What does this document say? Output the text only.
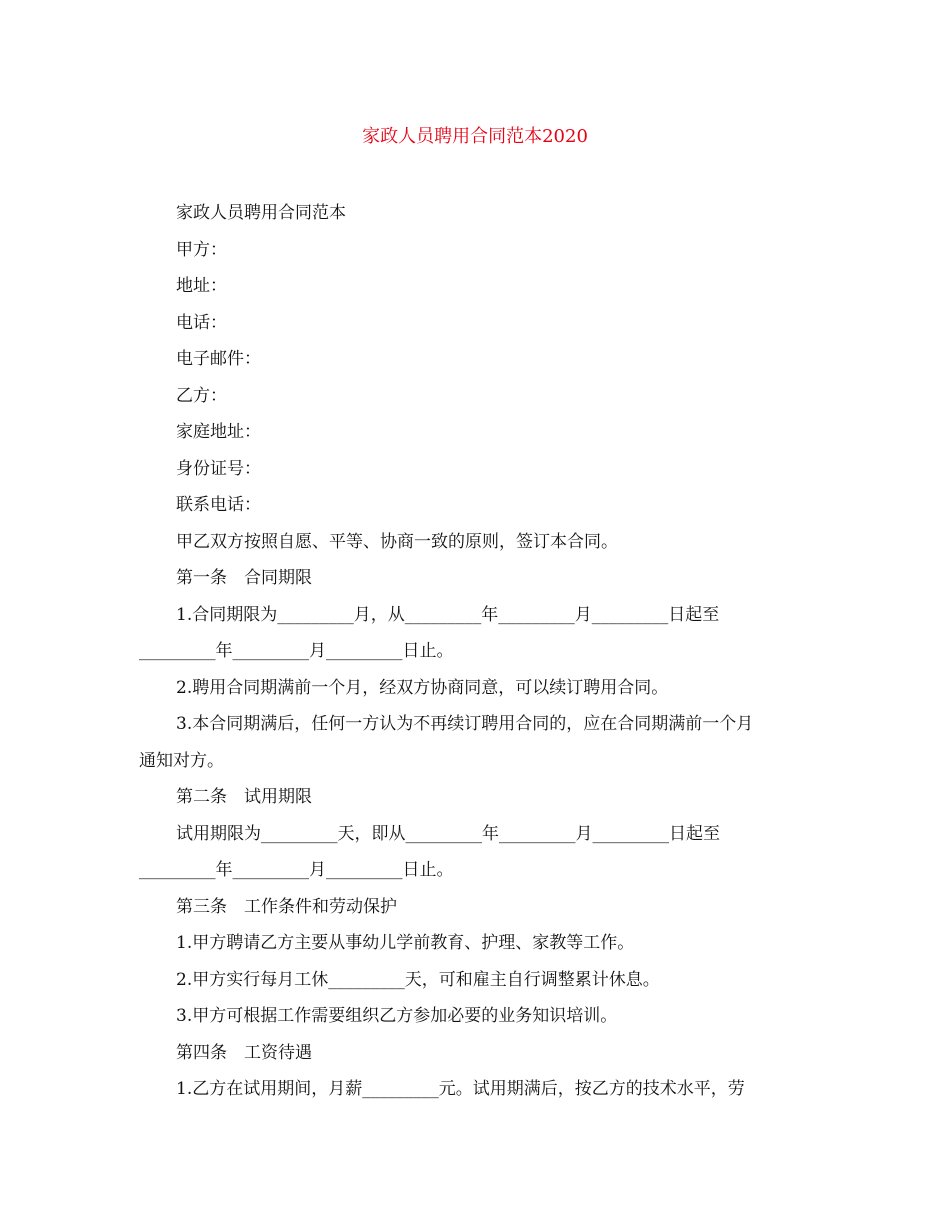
家政人员聘用合同范本2020

家政人员聘用合同范本

甲方：

地址：

电话：

电子邮件：

乙方：

家庭地址：

身份证号：

联系电话：

甲乙双方按照自愿、平等、协商一致的原则，签订本合同。

第一条　合同期限

1.合同期限为_________月，从_________年_________月_________日起至

_________年_________月_________日止。

2.聘用合同期满前一个月，经双方协商同意，可以续订聘用合同。

3.本合同期满后，任何一方认为不再续订聘用合同的，应在合同期满前一个月

通知对方。

第二条　试用期限

试用期限为_________天，即从_________年_________月_________日起至

_________年_________月_________日止。

第三条　工作条件和劳动保护

1.甲方聘请乙方主要从事幼儿学前教育、护理、家教等工作。

2.甲方实行每月工休_________天，可和雇主自行调整累计休息。

3.甲方可根据工作需要组织乙方参加必要的业务知识培训。

第四条　工资待遇

1.乙方在试用期间，月薪_________元。试用期满后，按乙方的技术水平，劳
